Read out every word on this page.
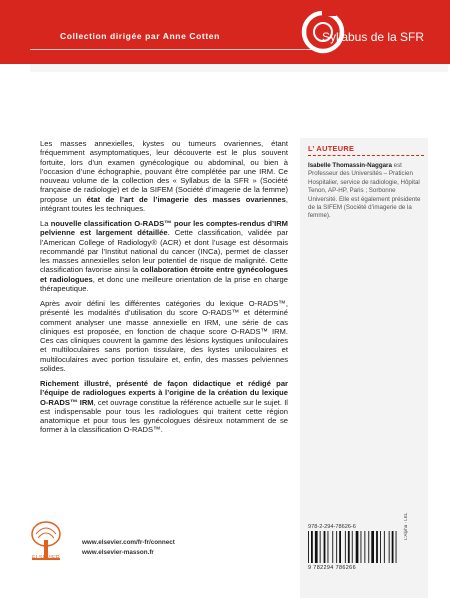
Collection dirigée par Anne Cotten	Syllabus de la SFR

Les masses annexielles, kystes ou tumeurs ovariennes, étant fréquemment asymptomatiques, leur découverte est le plus souvent fortuite, lors d’un examen gynécologique ou abdominal, ou bien à l’occasion d’une échographie, pouvant être complétée par une IRM. Ce nouveau volume de la collection des « Syllabus de la SFR » (Société française de radiologie) et de la SIFEM (Société d’imagerie de la femme) propose un état de l’art de l’imagerie des masses ovariennes, intégrant toutes les techniques.

La nouvelle classification O-RADS™ pour les comptes-rendus d’IRM pelvienne est largement détaillée. Cette classification, validée par l’American College of Radiology® (ACR) et dont l’usage est désormais recommandé par l’Institut national du cancer (INCa), permet de classer les masses annexielles selon leur potentiel de risque de malignité. Cette classification favorise ainsi la collaboration étroite entre gynécologues et radiologues, et donc une meilleure orientation de la prise en charge thérapeutique.

Après avoir défini les différentes catégories du lexique O-RADS™, présenté les modalités d’utilisation du score O-RADS™ et déterminé comment analyser une masse annexielle en IRM, une série de cas cliniques est proposée, en fonction de chaque score O-RADS™ IRM. Ces cas cliniques couvrent la gamme des lésions kystiques uniloculaires et multiloculaires sans portion tissulaire, des kystes uniloculaires et multiloculaires avec portion tissulaire et, enfin, des masses pelviennes solides.

Richement illustré, présenté de façon didactique et rédigé par l’équipe de radiologues experts à l’origine de la création du lexique O-RADS™ IRM, cet ouvrage constitue la référence actuelle sur le sujet. Il est indispensable pour tous les radiologues qui traitent cette région anatomique et pour tous les gynécologues désireux notamment de se former à la classification O-RADS™.

L’ AUTEURE
Isabelle Thomassin-Naggara est Professeur des Universités – Praticien Hospitalier, service de radiologie, Hôpital Tenon, AP-HP, Paris ; Sorbonne Université. Elle est également présidente de la SIFEM (Société d’imagerie de la femme).
ELSEVIER
www.elsevier.com/fr-fr/connect
www.elsevier-masson.fr
978-2-294-78626-6
9 782294 786266
L'Alpha · LEL
